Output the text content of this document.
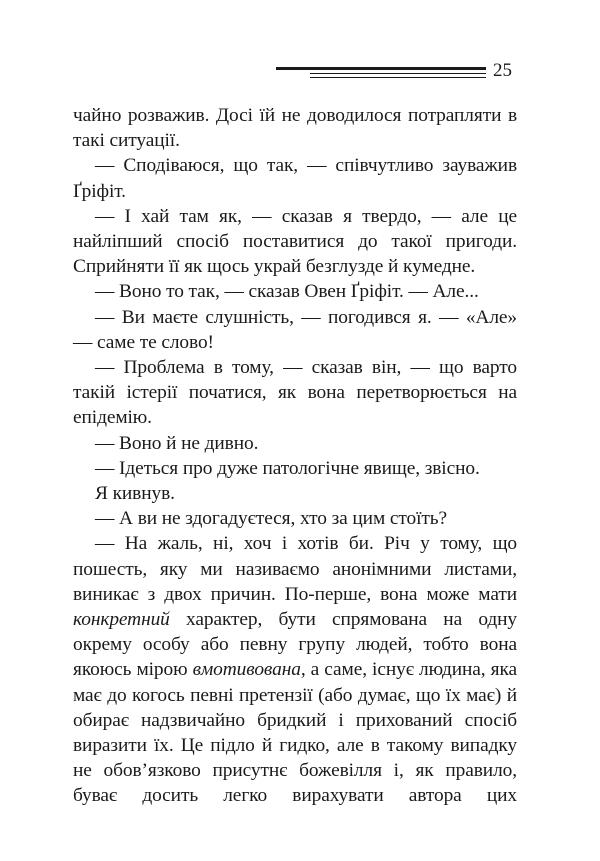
25

чайно розважив. Досі їй не доводилося потрапляти в такі ситуації.

— Сподіваюся, що так, — співчутливо зауважив Ґріфіт.

— І хай там як, — сказав я твердо, — але це найліпший спосіб поставитися до такої пригоди. Сприйняти її як щось украй безглузде й кумедне.

— Воно то так, — сказав Овен Ґріфіт. — Але...

— Ви маєте слушність, — погодився я. — «Але» — саме те слово!

— Проблема в тому, — сказав він, — що варто такій істерії початися, як вона перетворюється на епідемію.

— Воно й не дивно.

— Ідеться про дуже патологічне явище, звісно.

Я кивнув.

— А ви не здогадуєтеся, хто за цим стоїть?

— На жаль, ні, хоч і хотів би. Річ у тому, що пошесть, яку ми називаємо анонімними листами, виникає з двох причин. По-перше, вона може мати конкретний характер, бути спрямована на одну окрему особу або певну групу людей, тобто вона якоюсь мірою вмотивована, а саме, існує людина, яка має до когось певні претензії (або думає, що їх має) й обирає надзвичайно бридкий і прихований спосіб виразити їх. Це підло й гидко, але в такому випадку не обов’язково присутнє божевілля і, як правило, буває досить легко вирахувати автора цих
